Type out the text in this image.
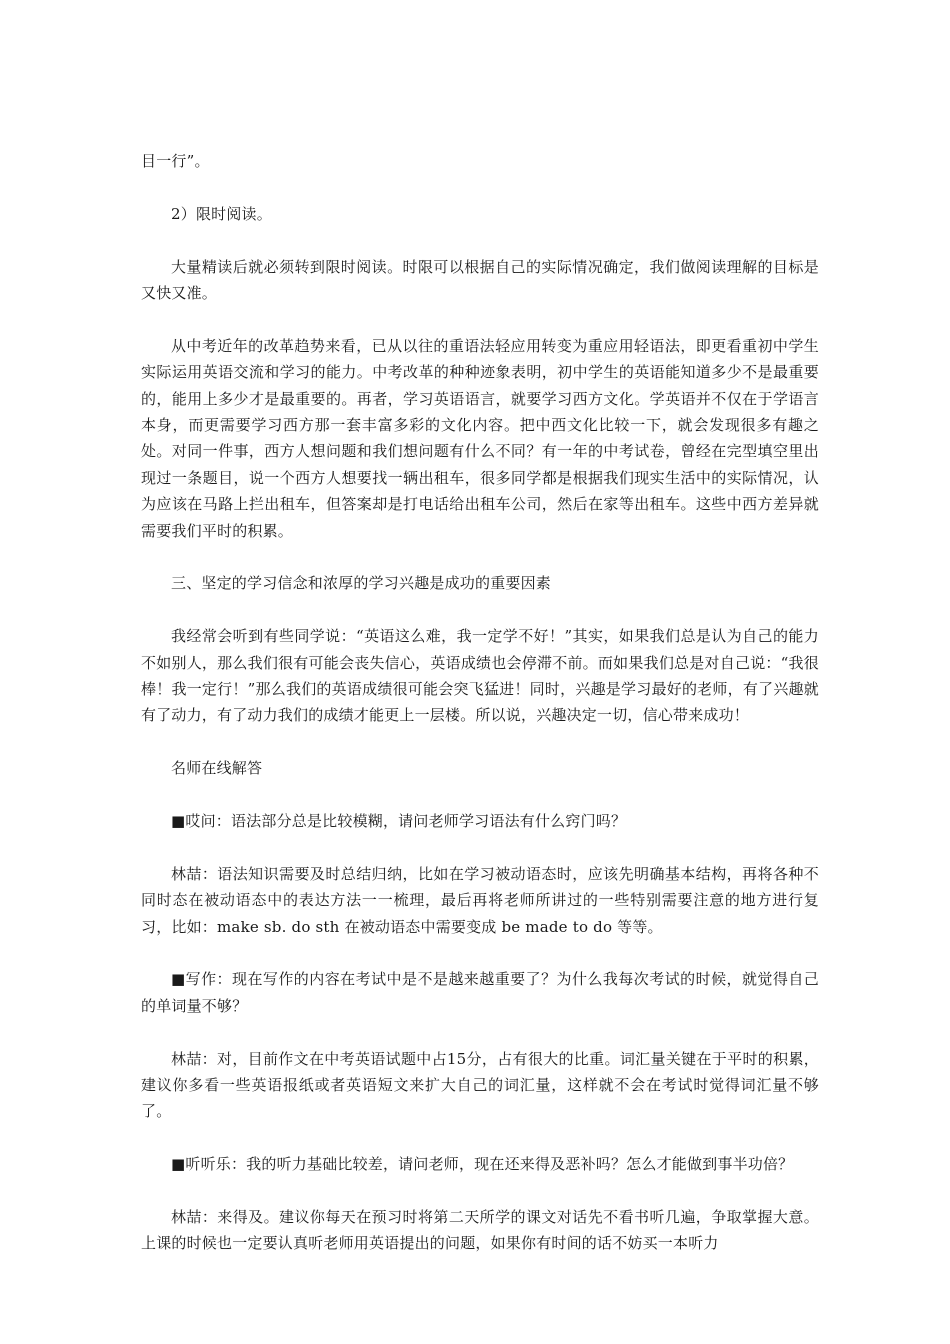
目一行”。

2）限时阅读。

大量精读后就必须转到限时阅读。时限可以根据自己的实际情况确定，我们做阅读理解的目标是又快又准。

从中考近年的改革趋势来看，已从以往的重语法轻应用转变为重应用轻语法，即更看重初中学生实际运用英语交流和学习的能力。中考改革的种种迹象表明，初中学生的英语能知道多少不是最重要的，能用上多少才是最重要的。再者，学习英语语言，就要学习西方文化。学英语并不仅在于学语言本身，而更需要学习西方那一套丰富多彩的文化内容。把中西文化比较一下，就会发现很多有趣之处。对同一件事，西方人想问题和我们想问题有什么不同？有一年的中考试卷，曾经在完型填空里出现过一条题目，说一个西方人想要找一辆出租车，很多同学都是根据我们现实生活中的实际情况，认为应该在马路上拦出租车，但答案却是打电话给出租车公司，然后在家等出租车。这些中西方差异就需要我们平时的积累。

三、坚定的学习信念和浓厚的学习兴趣是成功的重要因素

我经常会听到有些同学说：“英语这么难，我一定学不好！”其实，如果我们总是认为自己的能力不如别人，那么我们很有可能会丧失信心，英语成绩也会停滞不前。而如果我们总是对自己说：“我很棒！我一定行！”那么我们的英语成绩很可能会突飞猛进！同时，兴趣是学习最好的老师，有了兴趣就有了动力，有了动力我们的成绩才能更上一层楼。所以说，兴趣决定一切，信心带来成功！

名师在线解答

■哎问：语法部分总是比较模糊，请问老师学习语法有什么窍门吗？

林喆：语法知识需要及时总结归纳，比如在学习被动语态时，应该先明确基本结构，再将各种不同时态在被动语态中的表达方法一一梳理，最后再将老师所讲过的一些特别需要注意的地方进行复习，比如：make sb. do sth 在被动语态中需要变成 be made to do 等等。

■写作：现在写作的内容在考试中是不是越来越重要了？为什么我每次考试的时候，就觉得自己的单词量不够？

林喆：对，目前作文在中考英语试题中占15分，占有很大的比重。词汇量关键在于平时的积累，建议你多看一些英语报纸或者英语短文来扩大自己的词汇量，这样就不会在考试时觉得词汇量不够了。

■听听乐：我的听力基础比较差，请问老师，现在还来得及恶补吗？怎么才能做到事半功倍？

林喆：来得及。建议你每天在预习时将第二天所学的课文对话先不看书听几遍，争取掌握大意。上课的时候也一定要认真听老师用英语提出的问题，如果你有时间的话不妨买一本听力
